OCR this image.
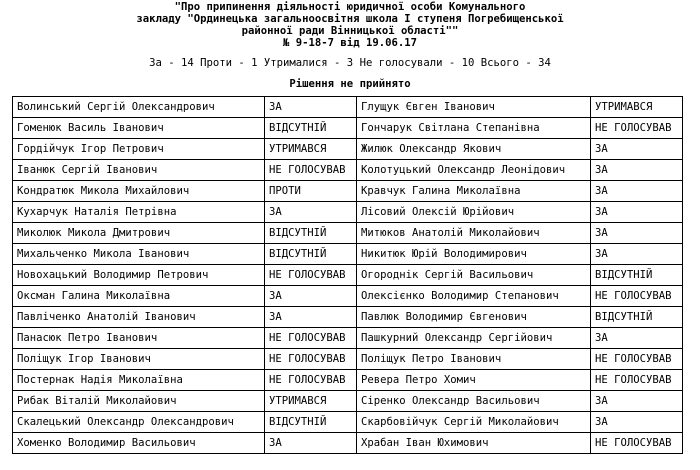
"Про припинення діяльності юридичної особи Комунального
закладу "Ординецька загальноосвітня школа I ступеня Погребищенської
районної ради Вінницької області""
№ 9-18-7 від 19.06.17
За - 14 Проти - 1 Утрималися - 3 Не голосували - 10 Всього - 34
Рішення не прийнято
Волинський Сергій Олександрович	ЗА	Глущук Євген Іванович	УТРИМАВСЯ
Гоменюк Василь Іванович	ВІДСУТНІЙ	Гончарук Світлана Степанівна	НЕ ГОЛОСУВАВ
Гордійчук Ігор Петрович	УТРИМАВСЯ	Жилюк Олександр Якович	ЗА
Іванюк Сергій Іванович	НЕ ГОЛОСУВАВ	Колотуцький Олександр Леонідович	ЗА
Кондратюк Микола Михайлович	ПРОТИ	Кравчук Галина Миколаївна	ЗА
Кухарчук Наталія Петрівна	ЗА	Лісовий Олексій Юрійович	ЗА
Миколюк Микола Дмитрович	ВІДСУТНІЙ	Митюков Анатолій Миколайович	ЗА
Михальченко Микола Іванович	ВІДСУТНІЙ	Никитюк Юрій Володимирович	ЗА
Новохацький Володимир Петрович	НЕ ГОЛОСУВАВ	Огороднік Сергій Васильович	ВІДСУТНІЙ
Оксман Галина Миколаївна	ЗА	Олексієнко Володимир Степанович	НЕ ГОЛОСУВАВ
Павліченко Анатолій Іванович	ЗА	Павлюк Володимир Євгенович	ВІДСУТНІЙ
Панасюк Петро Іванович	НЕ ГОЛОСУВАВ	Пашкурний Олександр Сергійович	ЗА
Поліщук Ігор Іванович	НЕ ГОЛОСУВАВ	Поліщук Петро Іванович	НЕ ГОЛОСУВАВ
Постернак Надія Миколаївна	НЕ ГОЛОСУВАВ	Ревера Петро Хомич	НЕ ГОЛОСУВАВ
Рибак Віталій Миколайович	УТРИМАВСЯ	Сіренко Олександр Васильович	ЗА
Скалецький Олександр Олександрович	ВІДСУТНІЙ	Скарбовійчук Сергій Миколайович	ЗА
Хоменко Володимир Васильович	ЗА	Храбан Іван Юхимович	НЕ ГОЛОСУВАВ
